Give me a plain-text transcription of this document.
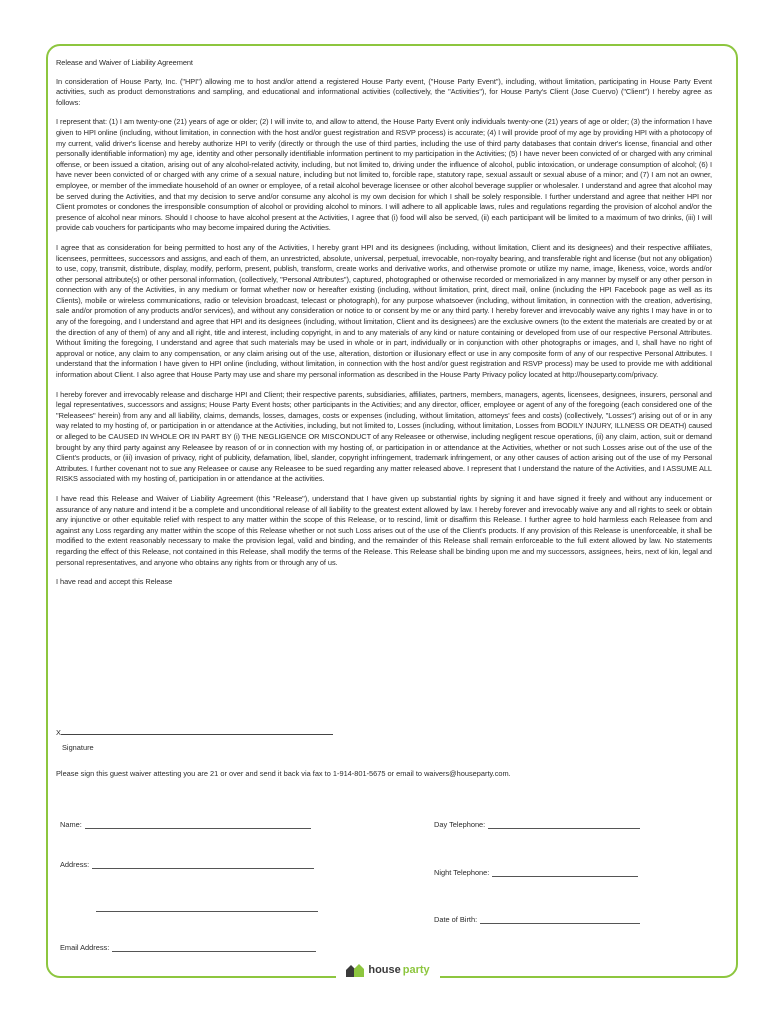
Release and Waiver of Liability Agreement

In consideration of House Party, Inc. ("HPI") allowing me to host and/or attend a registered House Party event, ("House Party Event"), including, without limitation, participating in House Party Event activities, such as product demonstrations and sampling, and educational and informational activities (collectively, the "Activities"), for House Party's Client (Jose Cuervo) ("Client") I hereby agree as follows:

I represent that: (1) I am twenty-one (21) years of age or older; (2) I will invite to, and allow to attend, the House Party Event only individuals twenty-one (21) years of age or older; (3) the information I have given to HPI online (including, without limitation, in connection with the host and/or guest registration and RSVP process) is accurate; (4) I will provide proof of my age by providing HPI with a photocopy of my current, valid driver's license and hereby authorize HPI to verify (directly or through the use of third parties, including the use of third party databases that contain driver's license, financial and other personally identifiable information) my age, identity and other personally identifiable information pertinent to my participation in the Activities; (5) I have never been convicted of or charged with any criminal offense, or been issued a citation, arising out of any alcohol-related activity, including, but not limited to, driving under the influence of alcohol, public intoxication, or underage consumption of alcohol; (6) I have never been convicted of or charged with any crime of a sexual nature, including but not limited to, forcible rape, statutory rape, sexual assault or sexual abuse of a minor; and (7) I am not an owner, employee, or member of the immediate household of an owner or employee, of a retail alcohol beverage licensee or other alcohol beverage supplier or wholesaler. I understand and agree that alcohol may be served during the Activities, and that my decision to serve and/or consume any alcohol is my own decision for which I shall be solely responsible. I further understand and agree that neither HPI nor Client promotes or condones the irresponsible consumption of alcohol or providing alcohol to minors. I will adhere to all applicable laws, rules and regulations regarding the provision of alcohol and/or the presence of alcohol near minors. Should I choose to have alcohol present at the Activities, I agree that (i) food will also be served, (ii) each participant will be limited to a maximum of two drinks, (iii) I will provide cab vouchers for participants who may become impaired during the Activities.

I agree that as consideration for being permitted to host any of the Activities, I hereby grant HPI and its designees (including, without limitation, Client and its designees) and their respective affiliates, licensees, permittees, successors and assigns, and each of them, an unrestricted, absolute, universal, perpetual, irrevocable, non-royalty bearing, and transferable right and license (but not any obligation) to use, copy, transmit, distribute, display, modify, perform, present, publish, transform, create works and derivative works, and otherwise promote or utilize my name, image, likeness, voice, words and/or other personal attribute(s) or other personal information, (collectively, "Personal Attributes"), captured, photographed or otherwise recorded or memorialized in any manner by myself or any other person in connection with any of the Activities, in any medium or format whether now or hereafter existing (including, without limitation, print, direct mail, online (including the HPI Facebook page as well as its Clients), mobile or wireless communications, radio or television broadcast, telecast or photograph), for any purpose whatsoever (including, without limitation, in connection with the creation, advertising, sale and/or promotion of any products and/or services), and without any consideration or notice to or consent by me or any third party. I hereby forever and irrevocably waive any rights I may have in or to any of the foregoing, and I understand and agree that HPI and its designees (including, without limitation, Client and its designees) are the exclusive owners (to the extent the materials are created by or at the direction of any of them) of any and all right, title and interest, including copyright, in and to any materials of any kind or nature containing or developed from use of our respective Personal Attributes. Without limiting the foregoing, I understand and agree that such materials may be used in whole or in part, individually or in conjunction with other photographs or images, and I, shall have no right of approval or notice, any claim to any compensation, or any claim arising out of the use, alteration, distortion or illusionary effect or use in any composite form of any of our respective Personal Attributes. I understand that the information I have given to HPI online (including, without limitation, in connection with the host and/or guest registration and RSVP process) may be used to provide me with additional information about Client. I also agree that House Party may use and share my personal information as described in the House Party Privacy policy located at http://houseparty.com/privacy.

I hereby forever and irrevocably release and discharge HPI and Client; their respective parents, subsidiaries, affiliates, partners, members, managers, agents, licensees, designees, insurers, personal and legal representatives, successors and assigns; House Party Event hosts; other participants in the Activities; and any director, officer, employee or agent of any of the foregoing (each considered one of the "Releasees" herein) from any and all liability, claims, demands, losses, damages, costs or expenses (including, without limitation, attorneys' fees and costs) (collectively, "Losses") arising out of or in any way related to my hosting of, or participation in or attendance at the Activities, including, but not limited to, Losses (including, without limitation, Losses from BODILY INJURY, ILLNESS OR DEATH) caused or alleged to be CAUSED IN WHOLE OR IN PART BY (i) THE NEGLIGENCE OR MISCONDUCT of any Releasee or otherwise, including negligent rescue operations, (ii) any claim, action, suit or demand brought by any third party against any Releasee by reason of or in connection with my hosting of, or participation in or attendance at the Activities, whether or not such Losses arise out of the use of the Client's products, or (iii) invasion of privacy, right of publicity, defamation, libel, slander, copyright infringement, trademark infringement, or any other causes of action arising out of the use of my Personal Attributes. I further covenant not to sue any Releasee or cause any Releasee to be sued regarding any matter released above. I represent that I understand the nature of the Activities, and I ASSUME ALL RISKS associated with my hosting of, participation in or attendance at the activities.

I have read this Release and Waiver of Liability Agreement (this "Release"), understand that I have given up substantial rights by signing it and have signed it freely and without any inducement or assurance of any nature and intend it be a complete and unconditional release of all liability to the greatest extent allowed by law. I hereby forever and irrevocably waive any and all rights to seek or obtain any injunctive or other equitable relief with respect to any matter within the scope of this Release, or to rescind, limit or disaffirm this Release. I further agree to hold harmless each Releasee from and against any Loss regarding any matter within the scope of this Release whether or not such Loss arises out of the use of the Client's products. If any provision of this Release is unenforceable, it shall be modified to the extent reasonably necessary to make the provision legal, valid and binding, and the remainder of this Release shall remain enforceable to the full extent allowed by law. No statements regarding the effect of this Release, not contained in this Release, shall modify the terms of the Release. This Release shall be binding upon me and my successors, assignees, heirs, next of kin, legal and personal representatives, and anyone who obtains any rights from or through any of us.

I have read and accept this Release

X
Signature
Please sign this guest waiver attesting you are 21 or over and send it back via fax to 1-914-801-5675 or email to waivers@houseparty.com.
Name:
Address:
Email Address:
Day Telephone:
Night Telephone:
Date of Birth:
house party
